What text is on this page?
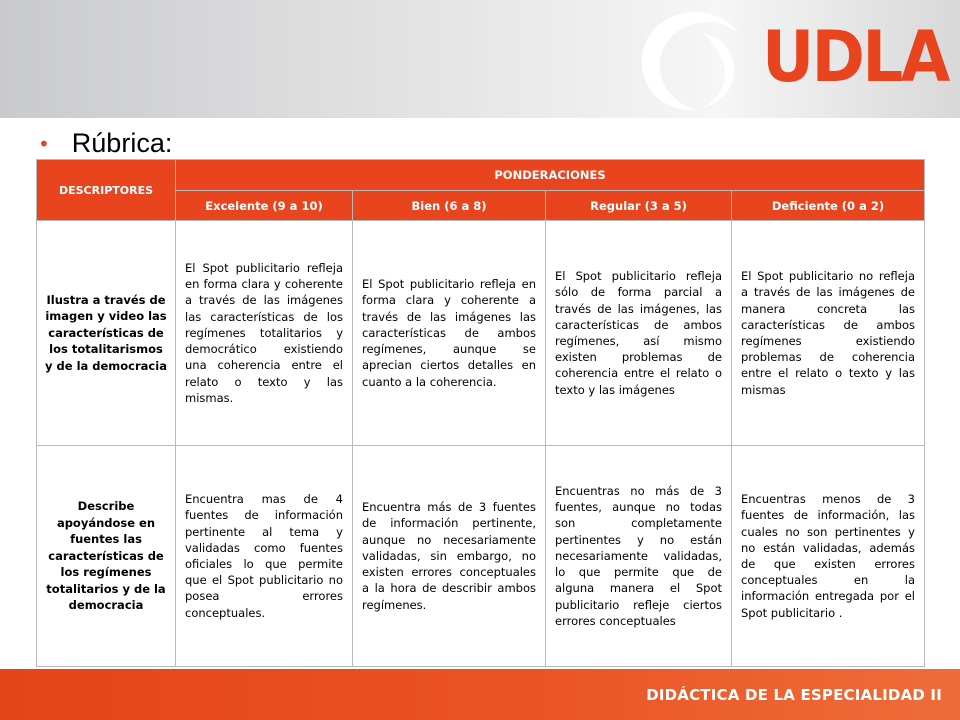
UDLA
• Rúbrica:
DESCRIPTORES	PONDERACIONES			
	Excelente (9 a 10)	Bien (6 a 8)	Regular (3 a 5)	Deficiente (0 a 2)
Ilustra a través de imagen y video las características de los totalitarismos y de la democracia	El Spot publicitario refleja en forma clara y coherente a través de las imágenes las características de los regímenes totalitarios y democrático existiendo una coherencia entre el relato o texto y las mismas.	El Spot publicitario refleja en forma clara y coherente a través de las imágenes las características de ambos regímenes, aunque se aprecian ciertos detalles en cuanto a la coherencia.	El Spot publicitario refleja sólo de forma parcial a través de las imágenes, las características de ambos regímenes, así mismo existen problemas de coherencia entre el relato o texto y las imágenes	El Spot publicitario no refleja a través de las imágenes de manera concreta las características de ambos regímenes existiendo problemas de coherencia entre el relato o texto y las mismas
Describe apoyándose en fuentes las características de los regímenes totalitarios y de la democracia	Encuentra mas de 4 fuentes de información pertinente al tema y validadas como fuentes oficiales lo que permite que el Spot publicitario no posea errores conceptuales.	Encuentra más de 3 fuentes de información pertinente, aunque no necesariamente validadas, sin embargo, no existen errores conceptuales a la hora de describir ambos regímenes.	Encuentras no más de 3 fuentes, aunque no todas son completamente pertinentes y no están necesariamente validadas, lo que permite que de alguna manera el Spot publicitario refleje ciertos errores conceptuales	Encuentras menos de 3 fuentes de información, las cuales no son pertinentes y no están validadas, además de que existen errores conceptuales en la información entregada por el Spot publicitario .
DIDÁCTICA DE LA ESPECIALIDAD II
